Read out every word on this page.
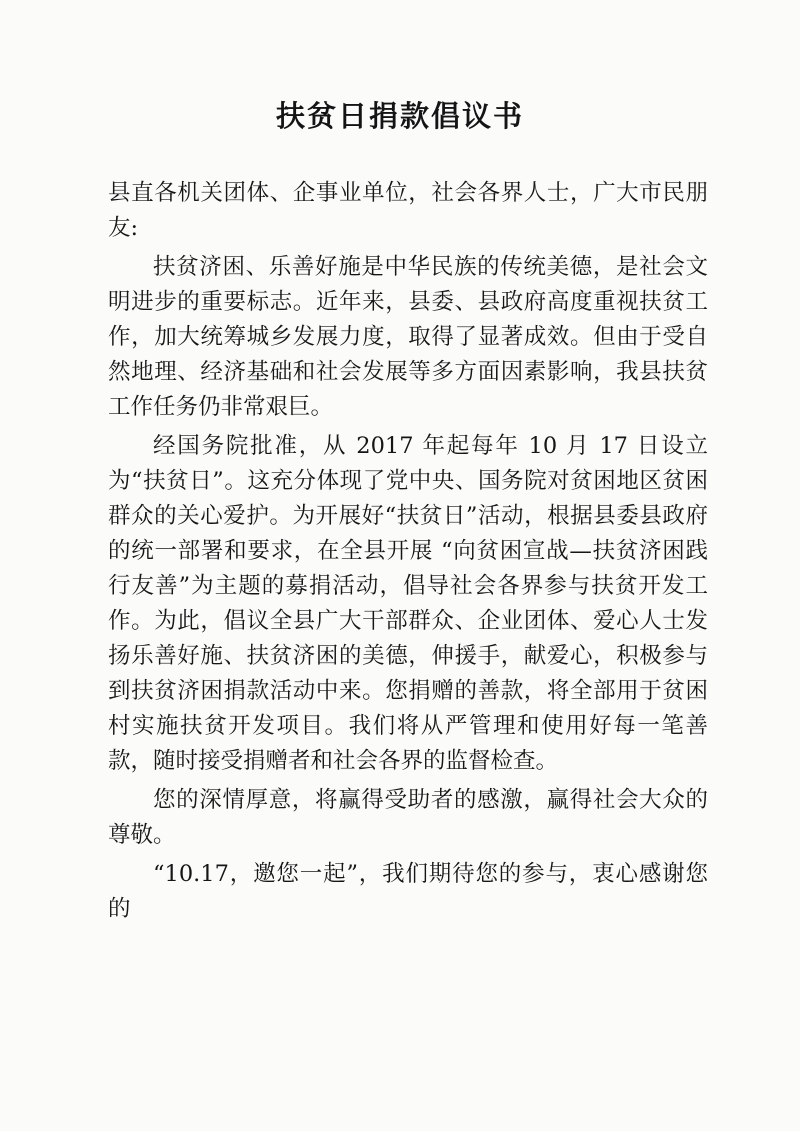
扶贫日捐款倡议书

县直各机关团体、企事业单位，社会各界人士，广大市民朋友:

扶贫济困、乐善好施是中华民族的传统美德，是社会文明进步的重要标志。近年来，县委、县政府高度重视扶贫工作，加大统筹城乡发展力度，取得了显著成效。但由于受自然地理、经济基础和社会发展等多方面因素影响，我县扶贫工作任务仍非常艰巨。

经国务院批准，从 2017 年起每年 10 月 17 日设立为“扶贫日”。这充分体现了党中央、国务院对贫困地区贫困群众的关心爱护。为开展好“扶贫日”活动，根据县委县政府的统一部署和要求，在全县开展 “向贫困宣战—扶贫济困践行友善”为主题的募捐活动，倡导社会各界参与扶贫开发工作。为此，倡议全县广大干部群众、企业团体、爱心人士发扬乐善好施、扶贫济困的美德，伸援手，献爱心，积极参与到扶贫济困捐款活动中来。您捐赠的善款，将全部用于贫困村实施扶贫开发项目。我们将从严管理和使用好每一笔善款，随时接受捐赠者和社会各界的监督检查。

您的深情厚意，将赢得受助者的感激，赢得社会大众的尊敬。

“10.17，邀您一起”，我们期待您的参与，衷心感谢您的
